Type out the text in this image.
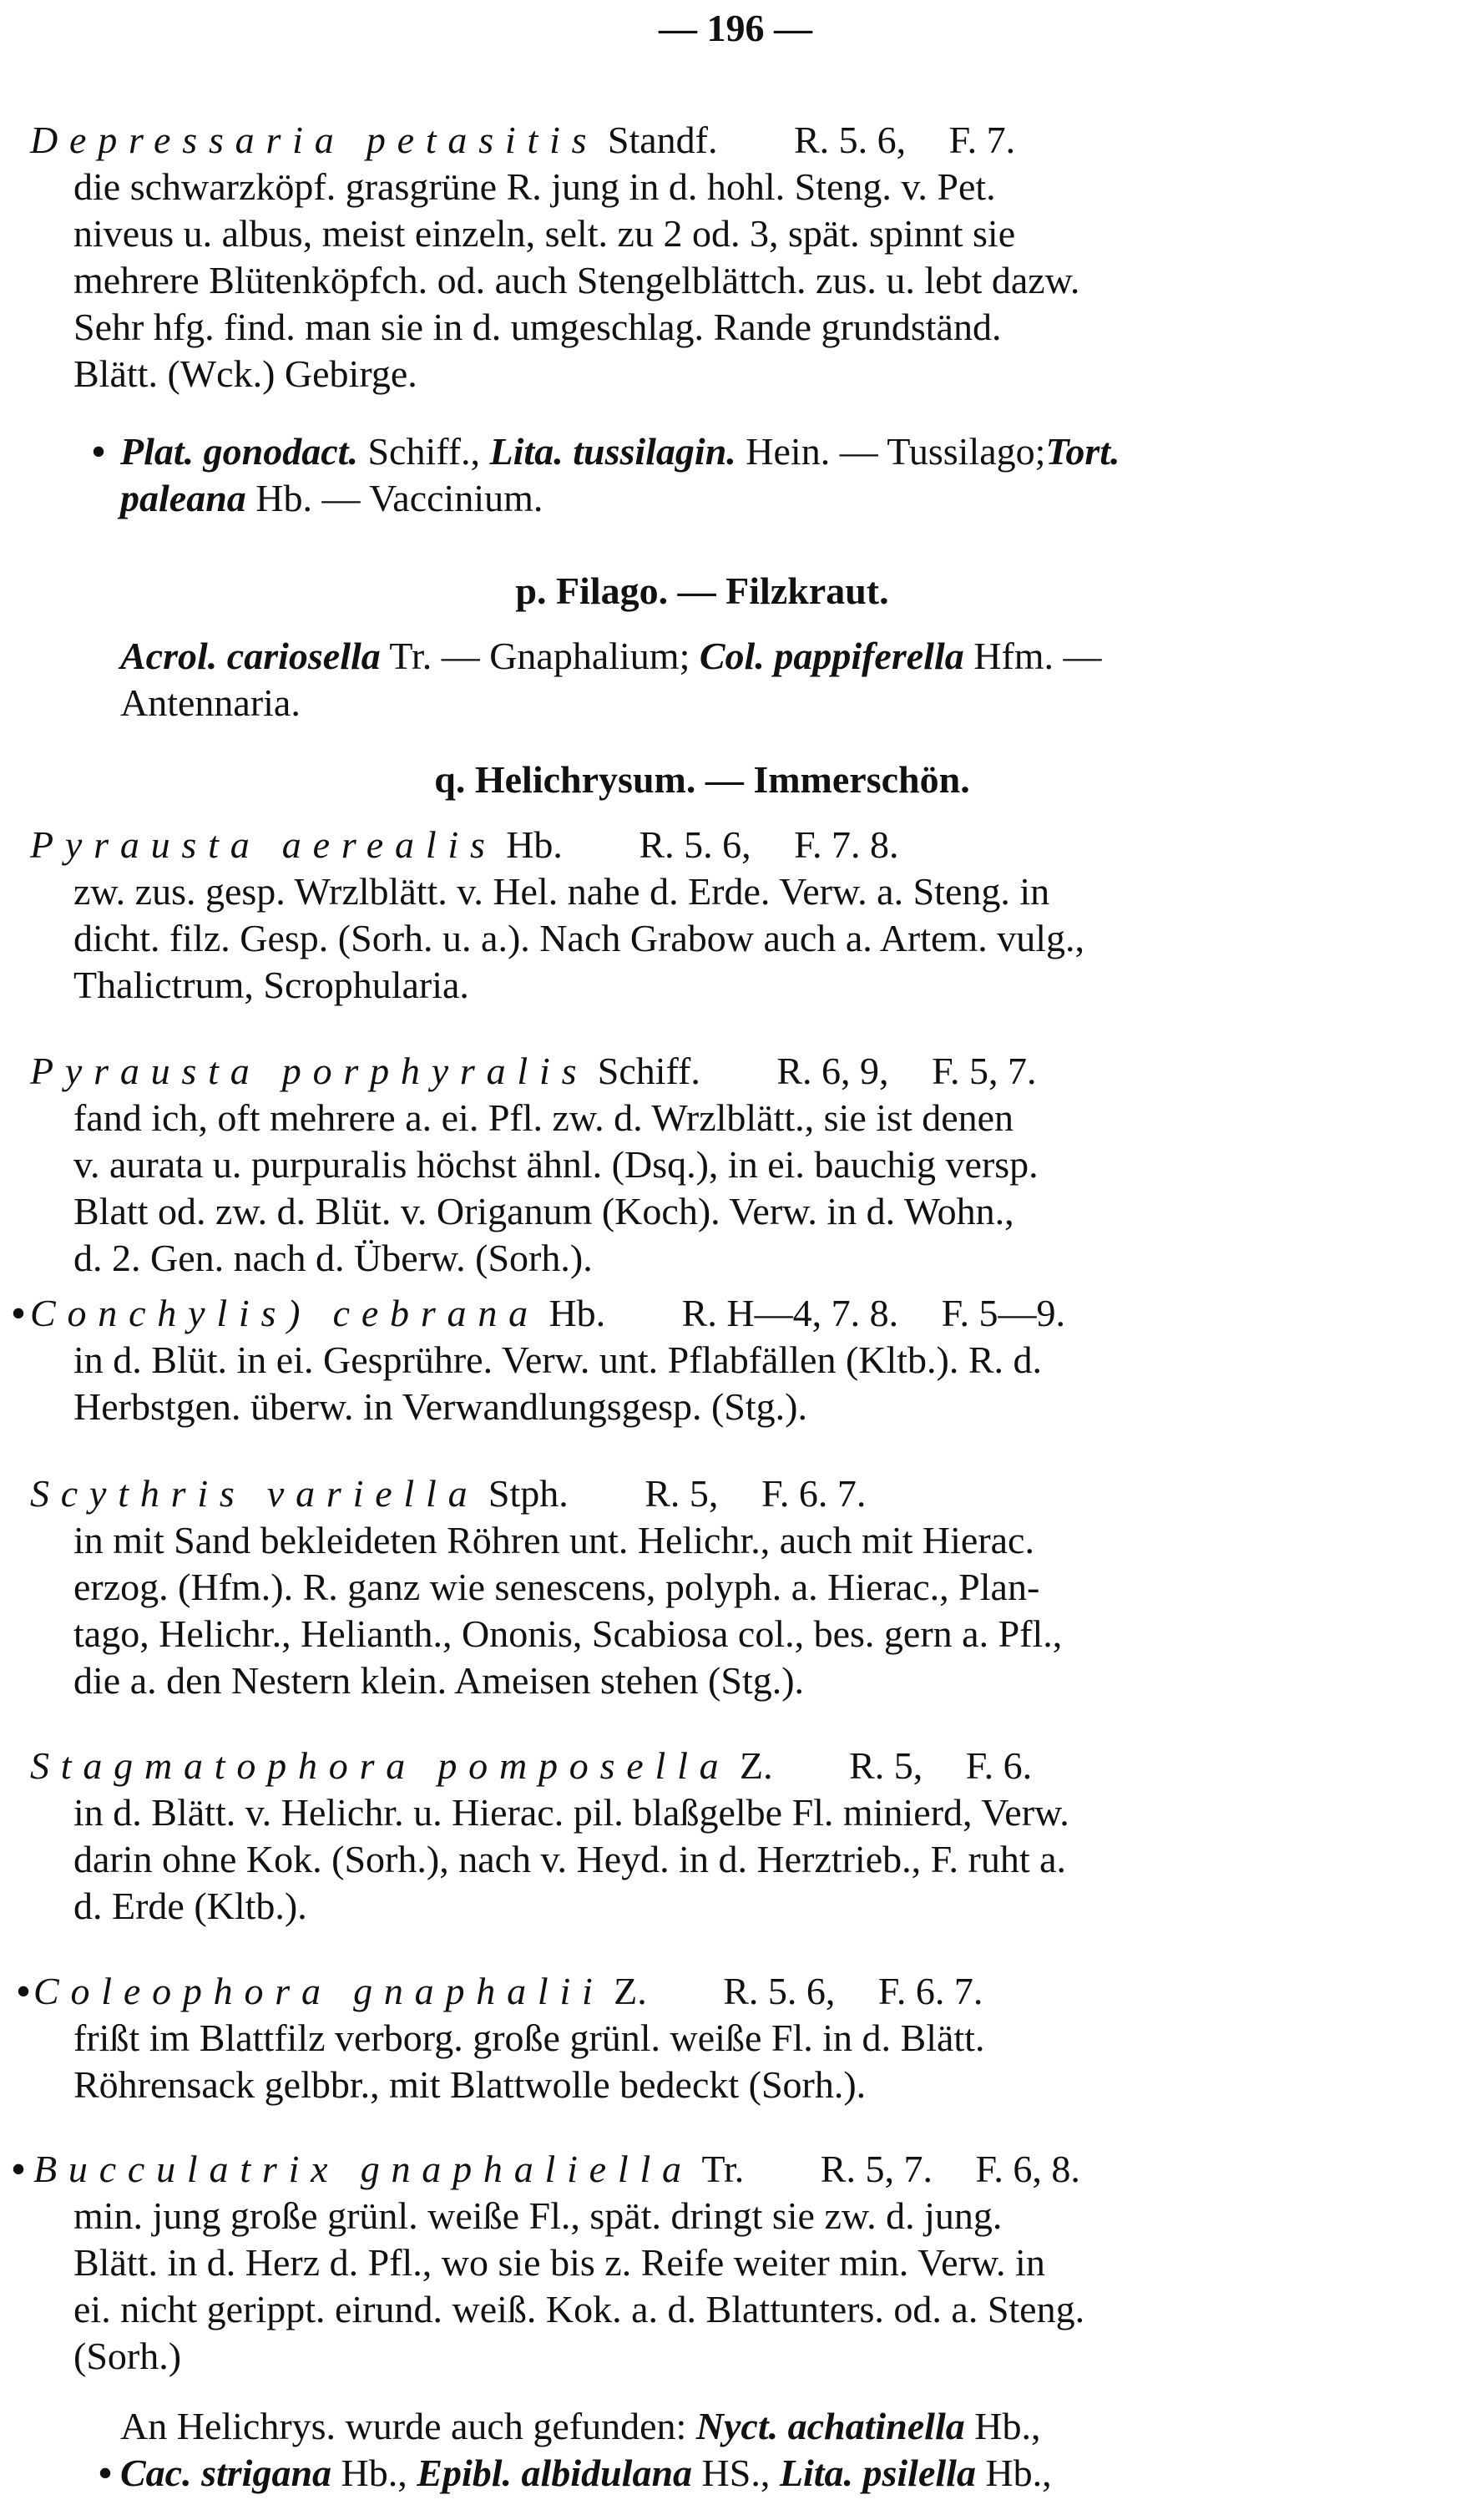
— 196 —
Depressaria petasitis Standf. R. 5. 6, F. 7.
die schwarzköpf. grasgrüne R. jung in d. hohl. Steng. v. Pet.
niveus u. albus, meist einzeln, selt. zu 2 od. 3, spät. spinnt sie
mehrere Blütenköpfch. od. auch Stengelblättch. zus. u. lebt dazw.
Sehr hfg. find. man sie in d. umgeschlag. Rande grundständ.
Blätt. (Wck.) Gebirge.
• Plat. gonodact. Schiff., Lita. tussilagin. Hein. — Tussilago;Tort.
paleana Hb. — Vaccinium.
p. Filago. — Filzkraut.
Acrol. cariosella Tr. — Gnaphalium; Col. pappiferella Hfm. —
Antennaria.
q. Helichrysum. — Immerschön.
Pyrausta aerealis Hb. R. 5. 6, F. 7. 8.
zw. zus. gesp. Wrzlblätt. v. Hel. nahe d. Erde. Verw. a. Steng. in
dicht. filz. Gesp. (Sorh. u. a.). Nach Grabow auch a. Artem. vulg.,
Thalictrum, Scrophularia.
Pyrausta porphyralis Schiff. R. 6, 9, F. 5, 7.
fand ich, oft mehrere a. ei. Pfl. zw. d. Wrzlblätt., sie ist denen
v. aurata u. purpuralis höchst ähnl. (Dsq.), in ei. bauchig versp.
Blatt od. zw. d. Blüt. v. Origanum (Koch). Verw. in d. Wohn.,
d. 2. Gen. nach d. Überw. (Sorh.).
• Conchylis) cebrana Hb. R. H—4, 7. 8. F. 5—9.
in d. Blüt. in ei. Gesprühre. Verw. unt. Pflabfällen (Kltb.). R. d.
Herbstgen. überw. in Verwandlungsgesp. (Stg.).
Scythris variella Stph. R. 5, F. 6. 7.
in mit Sand bekleideten Röhren unt. Helichr., auch mit Hierac.
erzog. (Hfm.). R. ganz wie senescens, polyph. a. Hierac., Plan-
tago, Helichr., Helianth., Ononis, Scabiosa col., bes. gern a. Pfl.,
die a. den Nestern klein. Ameisen stehen (Stg.).
Stagmatophora pomposella Z. R. 5, F. 6.
in d. Blätt. v. Helichr. u. Hierac. pil. blaßgelbe Fl. minierd, Verw.
darin ohne Kok. (Sorh.), nach v. Heyd. in d. Herztrieb., F. ruht a.
d. Erde (Kltb.).
• Coleophora gnaphalii Z. R. 5. 6, F. 6. 7.
frißt im Blattfilz verborg. große grünl. weiße Fl. in d. Blätt.
Röhrensack gelbbr., mit Blattwolle bedeckt (Sorh.).
• Bucculatrix gnaphaliella Tr. R. 5, 7. F. 6, 8.
min. jung große grünl. weiße Fl., spät. dringt sie zw. d. jung.
Blätt. in d. Herz d. Pfl., wo sie bis z. Reife weiter min. Verw. in
ei. nicht gerippt. eirund. weiß. Kok. a. d. Blattunters. od. a. Steng.
(Sorh.)
An Helichrys. wurde auch gefunden: Nyct. achatinella Hb.,
• Cac. strigana Hb., Epibl. albidulana HS., Lita. psilella Hb.,
